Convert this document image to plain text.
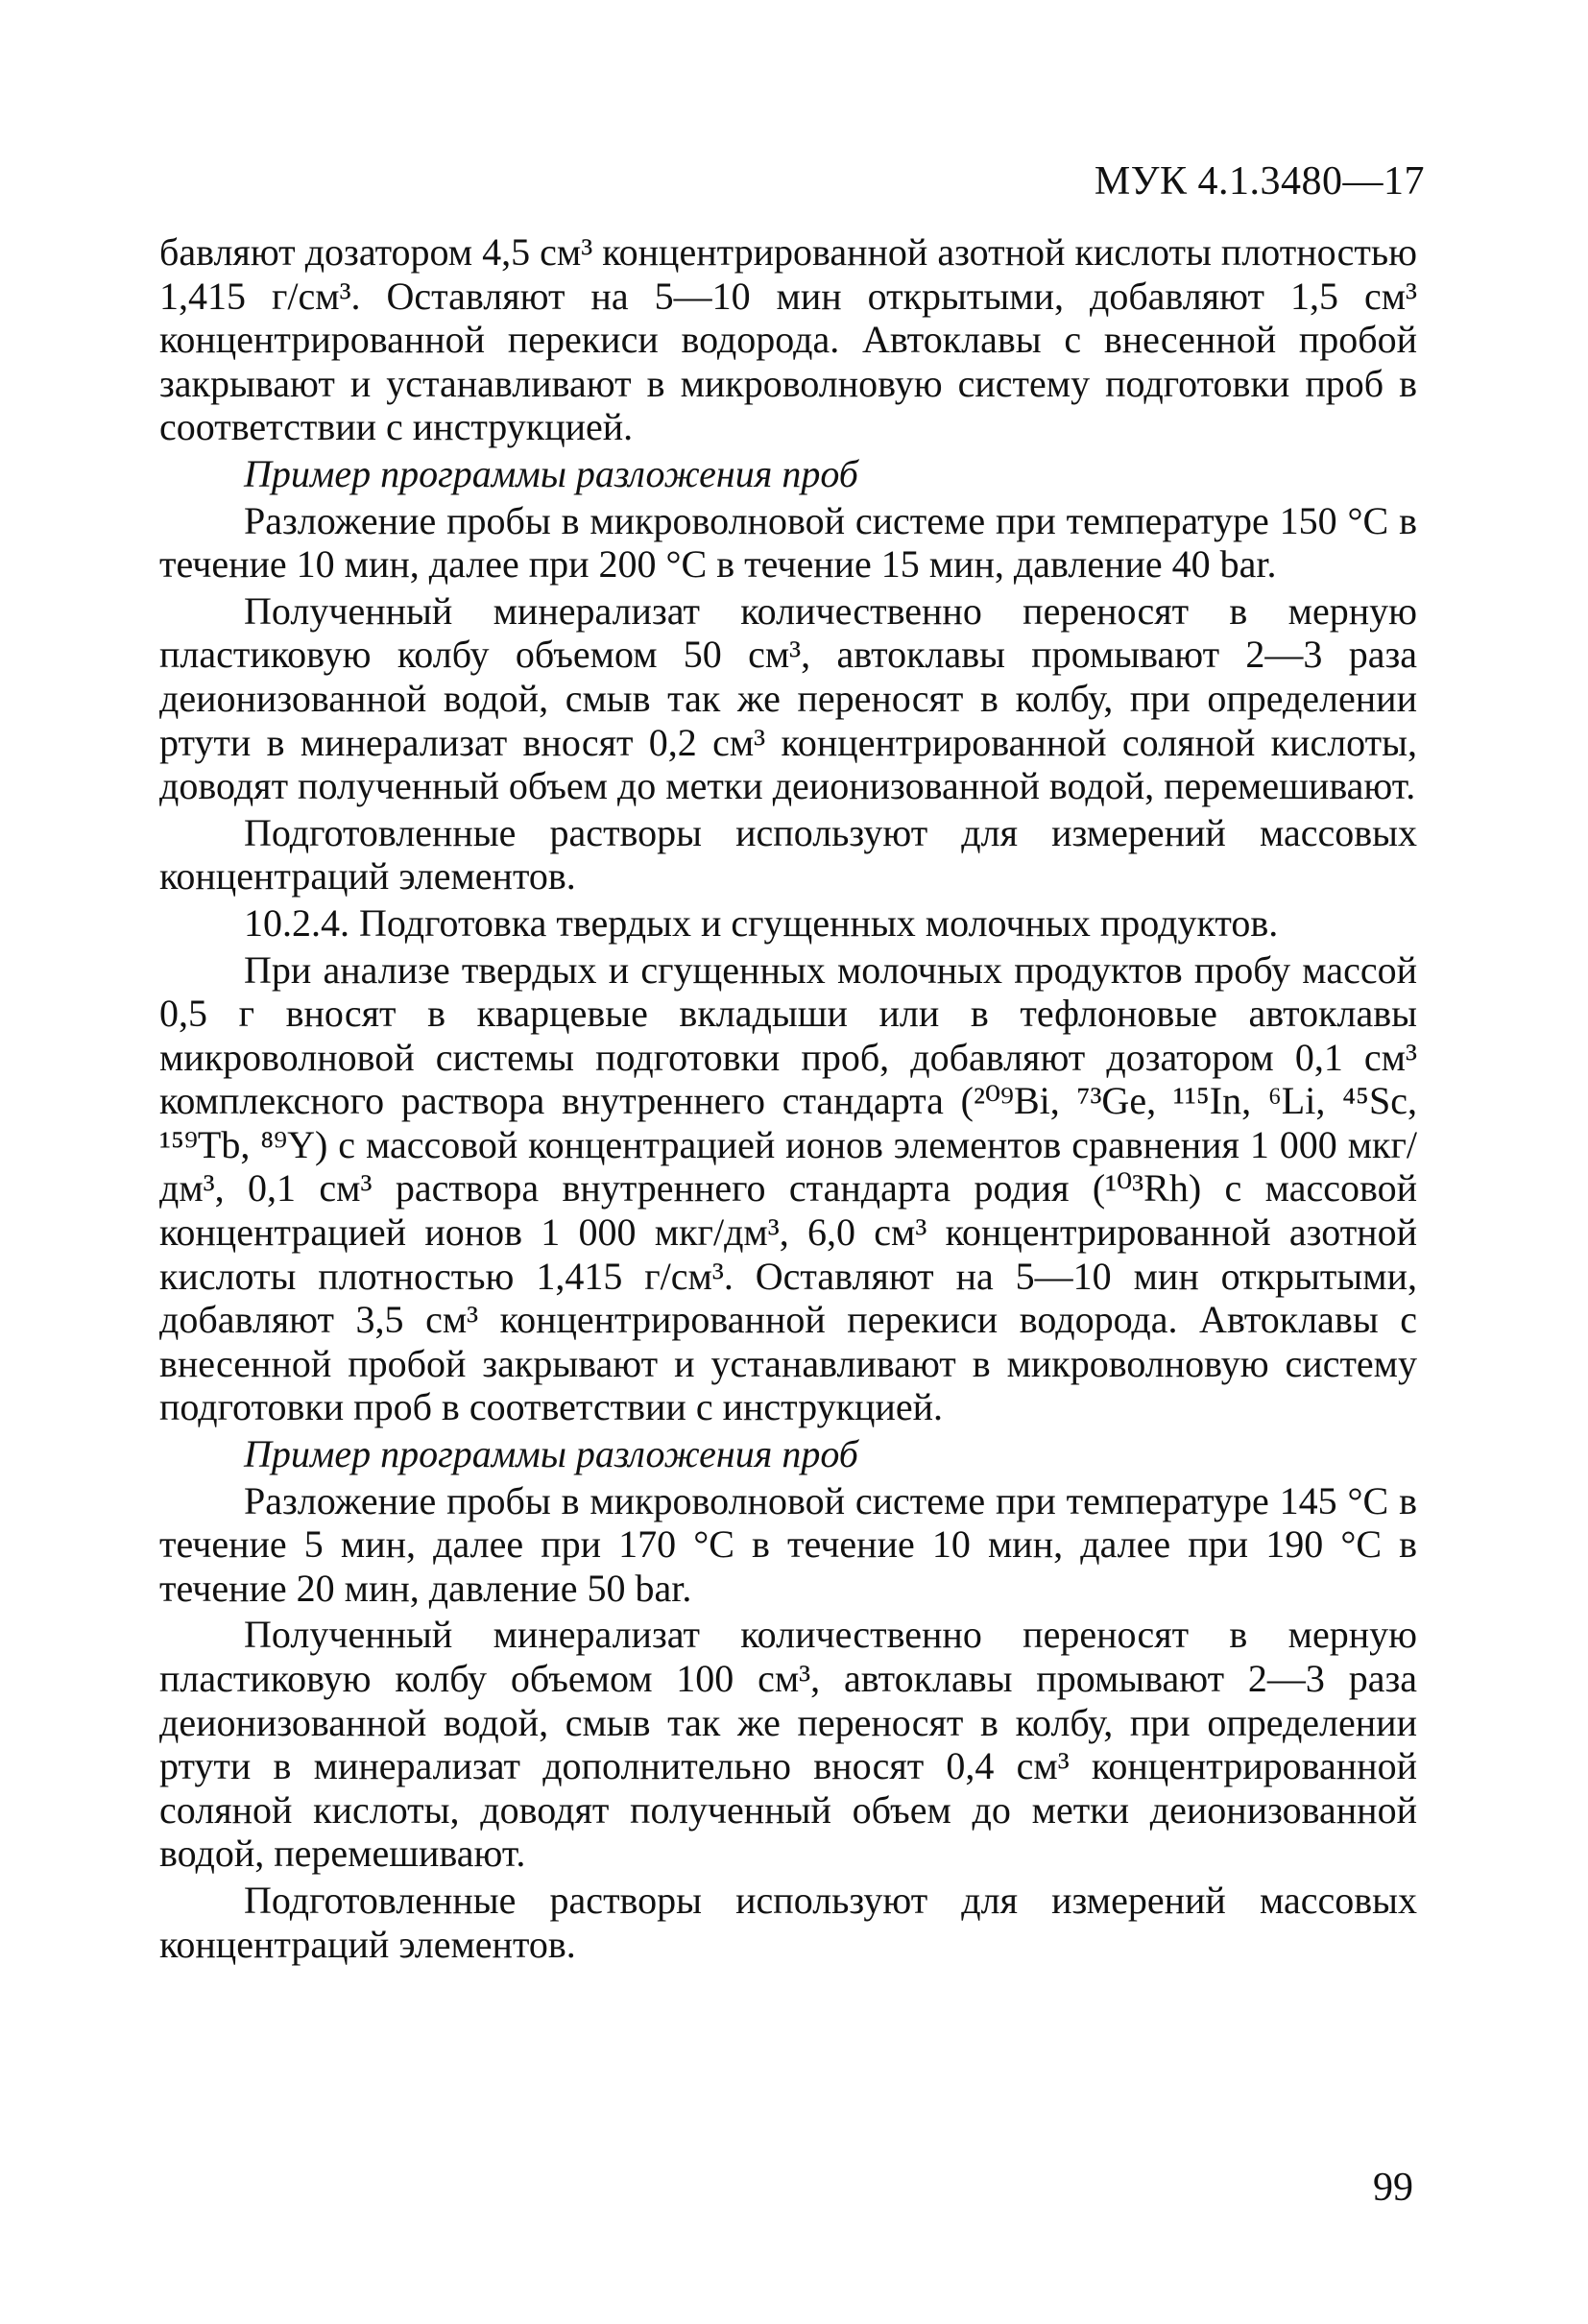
МУК 4.1.3480—17

бавляют дозатором 4,5 см³ концентрированной азотной кислоты плотностью 1,415 г/см³. Оставляют на 5—10 мин открытыми, добавляют 1,5 см³ концентрированной перекиси водорода. Автоклавы с внесенной пробой закрывают и устанавливают в микроволновую систему подготовки проб в соответствии с инструкцией.

Пример программы разложения проб

Разложение пробы в микроволновой системе при температуре 150 °C в течение 10 мин, далее при 200 °C в течение 15 мин, давление 40 bar.

Полученный минерализат количественно переносят в мерную пластиковую колбу объемом 50 см³, автоклавы промывают 2—3 раза деионизованной водой, смыв так же переносят в колбу, при определении ртути в минерализат вносят 0,2 см³ концентрированной соляной кислоты, доводят полученный объем до метки деионизованной водой, перемешивают.

Подготовленные растворы используют для измерений массовых концентраций элементов.

10.2.4. Подготовка твердых и сгущенных молочных продуктов.

При анализе твердых и сгущенных молочных продуктов пробу массой 0,5 г вносят в кварцевые вкладыши или в тефлоновые автоклавы микроволновой системы подготовки проб, добавляют дозатором 0,1 см³ комплексного раствора внутреннего стандарта (²⁰⁹Bi, ⁷³Ge, ¹¹⁵In, ⁶Li, ⁴⁵Sc, ¹⁵⁹Tb, ⁸⁹Y) с массовой концентрацией ионов элементов сравнения 1 000 мкг/дм³, 0,1 см³ раствора внутреннего стандарта родия (¹⁰³Rh) с массовой концентрацией ионов 1 000 мкг/дм³, 6,0 см³ концентрированной азотной кислоты плотностью 1,415 г/см³. Оставляют на 5—10 мин открытыми, добавляют 3,5 см³ концентрированной перекиси водорода. Автоклавы с внесенной пробой закрывают и устанавливают в микроволновую систему подготовки проб в соответствии с инструкцией.

Пример программы разложения проб

Разложение пробы в микроволновой системе при температуре 145 °C в течение 5 мин, далее при 170 °C в течение 10 мин, далее при 190 °C в течение 20 мин, давление 50 bar.

Полученный минерализат количественно переносят в мерную пластиковую колбу объемом 100 см³, автоклавы промывают 2—3 раза деионизованной водой, смыв так же переносят в колбу, при определении ртути в минерализат дополнительно вносят 0,4 см³ концентрированной соляной кислоты, доводят полученный объем до метки деионизованной водой, перемешивают.

Подготовленные растворы используют для измерений массовых концентраций элементов.

99
